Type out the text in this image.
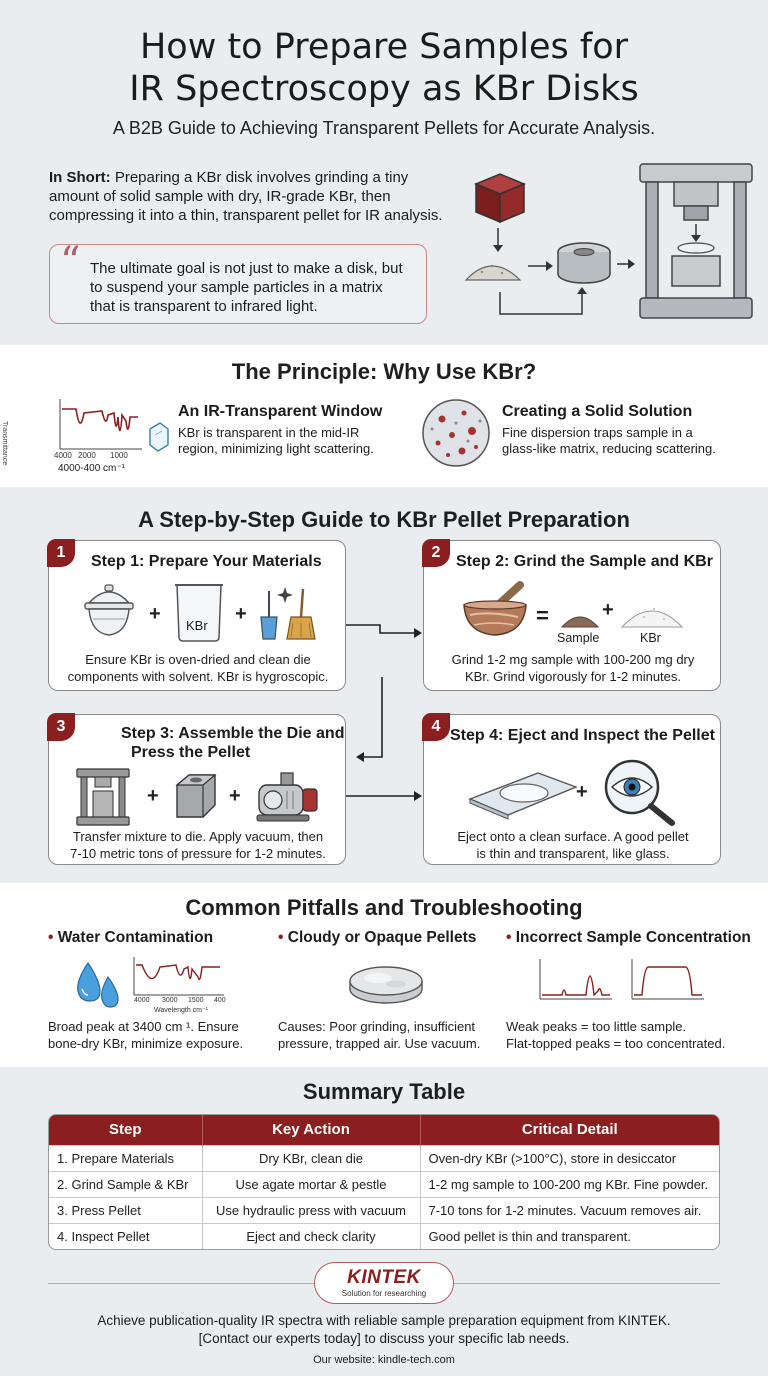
How to Prepare Samples for
IR Spectroscopy as KBr Disks
A B2B Guide to Achieving Transparent Pellets for Accurate Analysis.
In Short: Preparing a KBr disk involves grinding a tiny
amount of solid sample with dry, IR-grade KBr, then
compressing it into a thin, transparent pellet for IR analysis.
“ The ultimate goal is not just to make a disk, but
to suspend your sample particles in a matrix
that is transparent to infrared light.
The Principle: Why Use KBr?
Transmittance	4000 2000 1000
4000-400 cm⁻¹
An IR-Transparent Window
KBr is transparent in the mid-IR
region, minimizing light scattering.
Creating a Solid Solution
Fine dispersion traps sample in a
glass-like matrix, reducing scattering.
A Step-by-Step Guide to KBr Pellet Preparation
1
Step 1: Prepare Your Materials
+
KBr
+
Ensure KBr is oven-dried and clean die
components with solvent. KBr is hygroscopic.
2
Step 2: Grind the Sample and KBr
=	+
Sample	KBr
Grind 1-2 mg sample with 100-200 mg dry
KBr. Grind vigorously for 1-2 minutes.
3	Step 3: Assemble the Die and
Press the Pellet
+	+
Transfer mixture to die. Apply vacuum, then
7-10 metric tons of pressure for 1-2 minutes.
4
Step 4: Eject and Inspect the Pellet
+
Eject onto a clean surface. A good pellet
is thin and transparent, like glass.
Common Pitfalls and Troubleshooting
• Water Contamination
4000 3000 1500 400
Wavelength cm⁻¹
Broad peak at 3400 cm ¹. Ensure
bone-dry KBr, minimize exposure.
• Cloudy or Opaque Pellets
Causes: Poor grinding, insufficient
pressure, trapped air. Use vacuum.
• Incorrect Sample Concentration
Weak peaks = too little sample.
Flat-topped peaks = too concentrated.
Summary Table
Step	Key Action	Critical Detail
1. Prepare Materials	Dry KBr, clean die	Oven-dry KBr (>100°C), store in desiccator
2. Grind Sample & KBr	Use agate mortar & pestle	1-2 mg sample to 100-200 mg KBr. Fine powder.
3. Press Pellet	Use hydraulic press with vacuum	7-10 tons for 1-2 minutes. Vacuum removes air.
4. Inspect Pellet	Eject and check clarity	Good pellet is thin and transparent.
KINTEK
Solution for researching
Achieve publication-quality IR spectra with reliable sample preparation equipment from KINTEK.
[Contact our experts today] to discuss your specific lab needs.
Our website: kindle-tech.com
